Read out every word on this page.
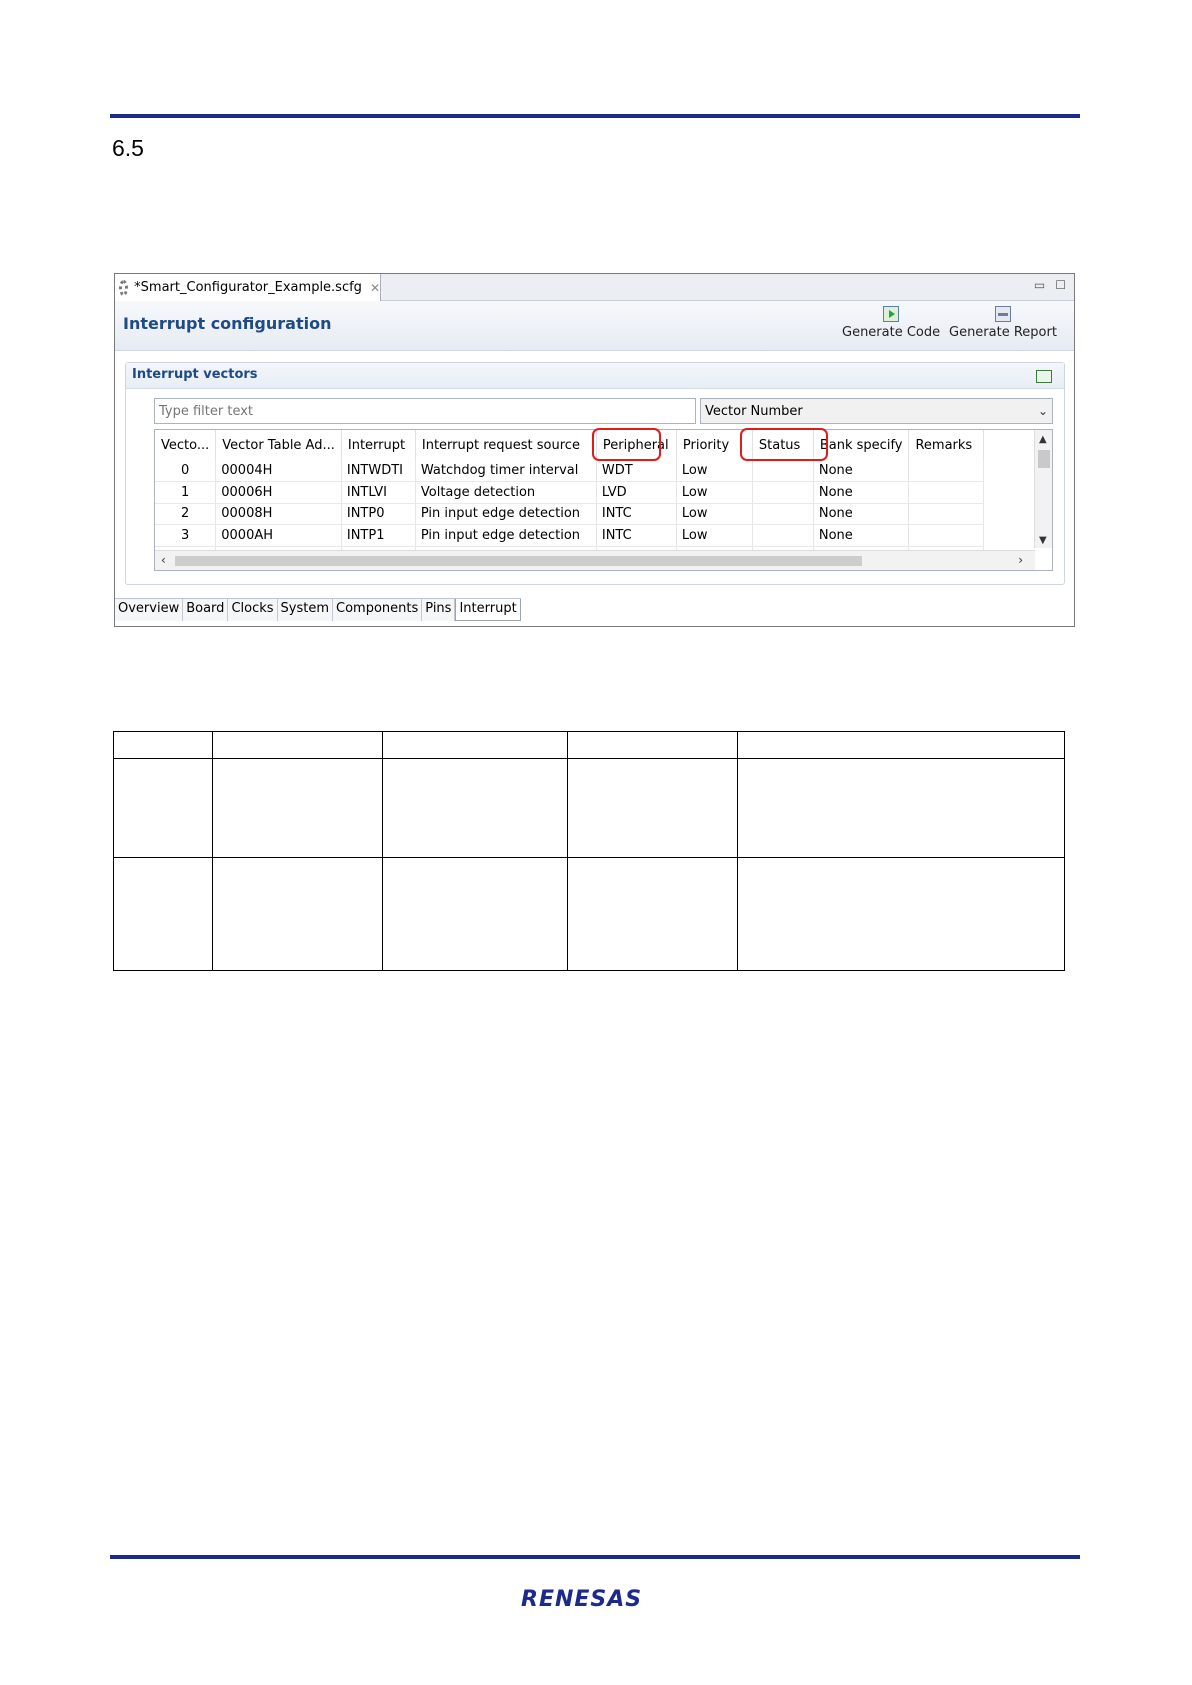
6.5
*Smart_Configurator_Example.scfg ✕	▭ ☐
Interrupt configuration	Generate Code Generate Report
Interrupt vectors
Type filter text
Vector Number	⌄
Vecto...	Vector Table Ad...	Interrupt	Interrupt request source	Peripheral	Priority	Status	Bank specify	Remarks
0	00004H	INTWDTI	Watchdog timer interval	WDT	Low		None	
1	00006H	INTLVI	Voltage detection	LVD	Low		None	
2	00008H	INTP0	Pin input edge detection	INTC	Low		None	
3	0000AH	INTP1	Pin input edge detection	INTC	Low		None	

▲
▼
‹	›
Overview Board Clocks System Components Pins Interrupt

RENESAS
